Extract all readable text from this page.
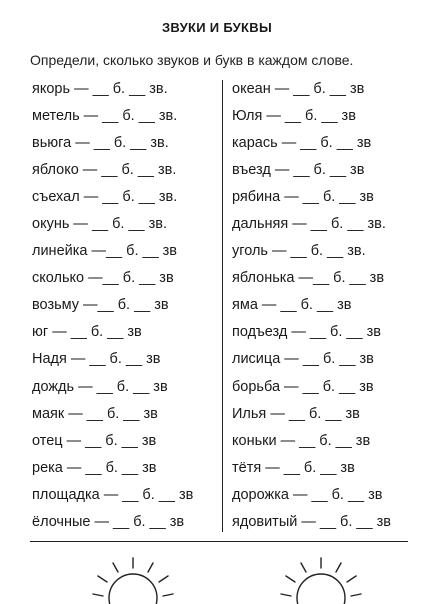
ЗВУКИ И БУКВЫ
Определи, сколько звуков и букв в каждом слове.
якорь — __ б. __ зв.
метель — __ б. __ зв.
вьюга — __ б. __ зв.
яблоко — __ б. __ зв.
съехал — __ б. __ зв.
окунь — __ б. __ зв.
линейка —__ б. __ зв
сколько —__ б. __ зв
возьму —__ б. __ зв
юг — __ б. __ зв
Надя — __ б. __ зв
дождь — __ б. __ зв
маяк — __ б. __ зв
отец — __ б. __ зв
река — __ б. __ зв
площадка — __ б. __ зв
ёлочные — __ б. __ зв
океан — __ б. __ зв
Юля — __ б. __ зв
карась — __ б. __ зв
въезд — __ б. __ зв
рябина — __ б. __ зв
дальняя — __ б. __ зв.
уголь — __ б. __ зв.
яблонька —__ б. __ зв
яма — __ б. __ зв
подъезд — __ б. __ зв
лисица — __ б. __ зв
борьба — __ б. __ зв
Илья — __ б. __ зв
коньки — __ б. __ зв
тётя — __ б. __ зв
дорожка — __ б. __ зв
ядовитый — __ б. __ зв
